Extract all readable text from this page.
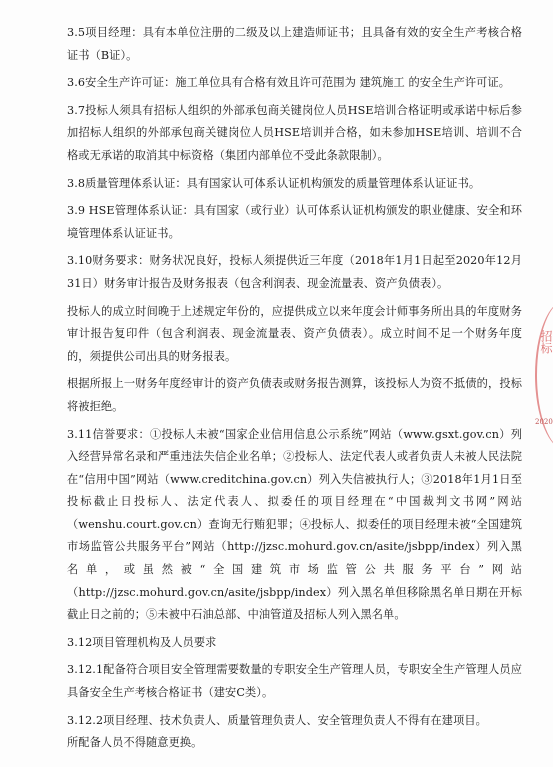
3.5项目经理：具有本单位注册的二级及以上建造师证书；且具备有效的安全生产考核合格证书（B证）。

3.6安全生产许可证：施工单位具有合格有效且许可范围为 建筑施工 的安全生产许可证。

3.7投标人须具有招标人组织的外部承包商关键岗位人员HSE培训合格证明或承诺中标后参加招标人组织的外部承包商关键岗位人员HSE培训并合格，如未参加HSE培训、培训不合格或无承诺的取消其中标资格（集团内部单位不受此条款限制）。

3.8质量管理体系认证：具有国家认可体系认证机构颁发的质量管理体系认证证书。

3.9 HSE管理体系认证：具有国家（或行业）认可体系认证机构颁发的职业健康、安全和环境管理体系认证证书。

3.10财务要求：财务状况良好，投标人须提供近三年度（2018年1月1日起至2020年12月31日）财务审计报告及财务报表（包含利润表、现金流量表、资产负债表）。

投标人的成立时间晚于上述规定年份的，应提供成立以来年度会计师事务所出具的年度财务审计报告复印件（包含利润表、现金流量表、资产负债表）。成立时间不足一个财务年度的，须提供公司出具的财务报表。

根据所报上一财务年度经审计的资产负债表或财务报告测算，该投标人为资不抵债的，投标将被拒绝。

3.11信誉要求：①投标人未被“国家企业信用信息公示系统”网站（www.gsxt.gov.cn）列入经营异常名录和严重违法失信企业名单；②投标人、法定代表人或者负责人未被人民法院在“信用中国”网站（www.creditchina.gov.cn）列入失信被执行人；③2018年1月1日至投标截止日投标人、法定代表人、拟委任的项目经理在“中国裁判文书网”网站（wenshu.court.gov.cn）查询无行贿犯罪；④投标人、拟委任的项目经理未被“全国建筑市场监管公共服务平台”网站（http://jzsc.mohurd.gov.cn/asite/jsbpp/index）列入黑名单，或虽然被“全国建筑市场监管公共服务平台”网站（http://jzsc.mohurd.gov.cn/asite/jsbpp/index）列入黑名单但移除黑名单日期在开标截止日之前的；⑤未被中石油总部、中油管道及招标人列入黑名单。

3.12项目管理机构及人员要求

3.12.1配备符合项目安全管理需要数量的专职安全生产管理人员，专职安全生产管理人员应具备安全生产考核合格证书（建安C类）。

3.12.2项目经理、技术负责人、质量管理负责人、安全管理负责人不得有在建项目。

所配备人员不得随意更换。

招标
2020
